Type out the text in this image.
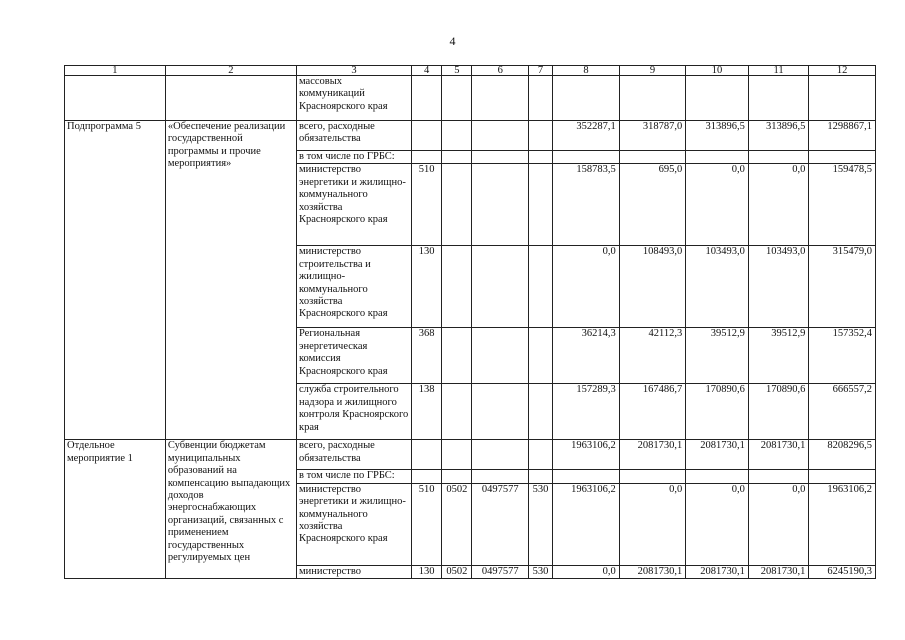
4
1	2	3	4	5	6	7	8	9	10	11	12
		массовых коммуникаций Красноярского края									
Подпрограмма 5	«Обеспечение реализации государственной программы и прочие мероприятия»	всего, расходные обязательства					352287,1	318787,0	313896,5	313896,5	1298867,1
		в том числе по ГРБС:									
		министерство энергетики и жилищно-коммунального хозяйства Красноярского края	510				158783,5	695,0	0,0	0,0	159478,5
		министерство строительства и жилищно-коммунального хозяйства Красноярского края	130				0,0	108493,0	103493,0	103493,0	315479,0
		Региональная энергетическая комиссия Красноярского края	368				36214,3	42112,3	39512,9	39512,9	157352,4
		служба строительного надзора и жилищного контроля Красноярского края	138				157289,3	167486,7	170890,6	170890,6	666557,2
Отдельное мероприятие 1	Субвенции бюджетам муниципальных образований на компенсацию выпадающих доходов энергоснабжающих организаций, связанных с применением государственных регулируемых цен	всего, расходные обязательства					1963106,2	2081730,1	2081730,1	2081730,1	8208296,5
		в том числе по ГРБС:									
		министерство энергетики и жилищно-коммунального хозяйства Красноярского края	510	0502	0497577	530	1963106,2	0,0	0,0	0,0	1963106,2
		министерство	130	0502	0497577	530	0,0	2081730,1	2081730,1	2081730,1	6245190,3
